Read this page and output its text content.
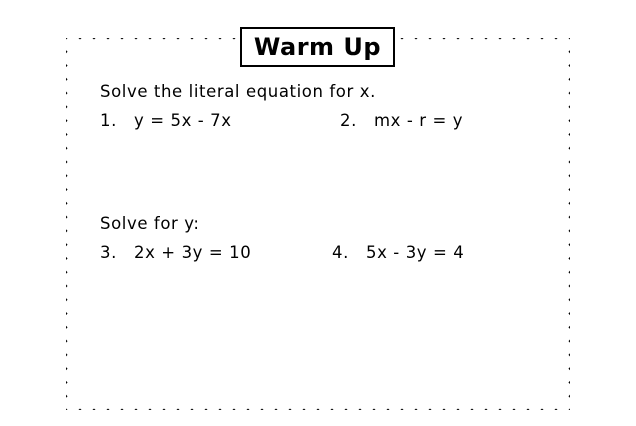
Warm Up

Solve the literal equation for x.

1.	y = 5x - 7x	2.	mx - r = y

Solve for y:

3.	2x + 3y = 10	4.	5x - 3y = 4
